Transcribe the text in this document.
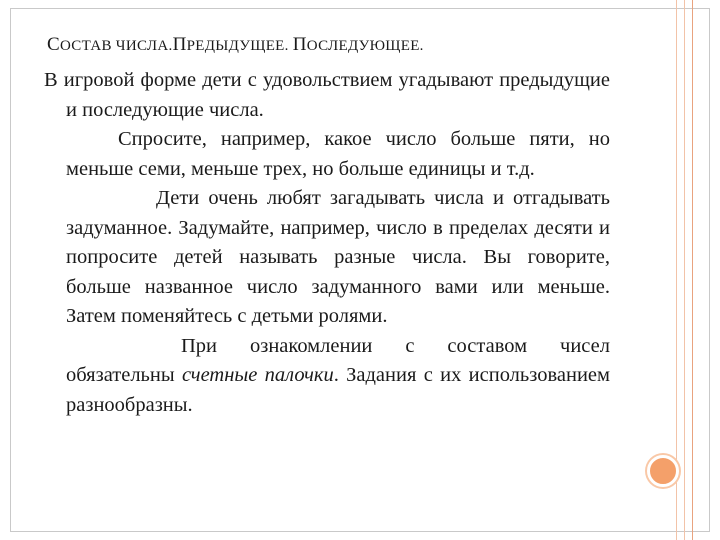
СОСТАВ ЧИСЛА.ПРЕДЫДУЩЕЕ. ПОСЛЕДУЮЩЕЕ.

В игровой форме дети с удовольствием угадывают предыдущие и последующие числа.

Спросите, например, какое число больше пяти, но меньше семи, меньше трех, но больше единицы и т.д.

Дети очень любят загадывать числа и отгадывать задуманное. Задумайте, например, число в пределах десяти и попросите детей называть разные числа. Вы говорите, больше названное число задуманного вами или меньше. Затем поменяйтесь с детьми ролями.

При ознакомлении с составом чисел обязательны счетные палочки. Задания с их использованием разнообразны.
